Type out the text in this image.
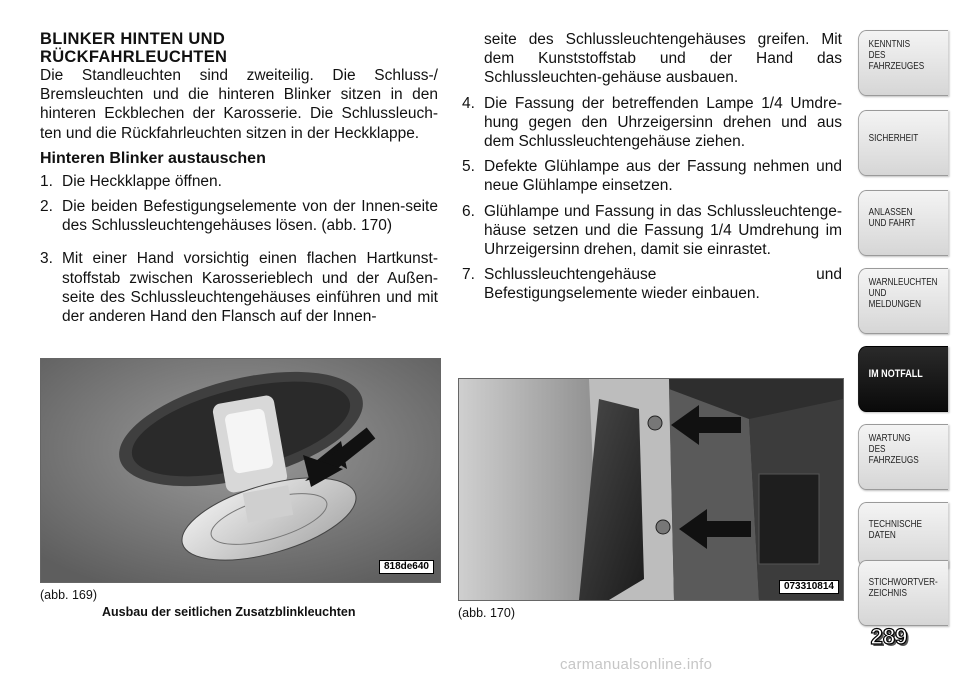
BLINKER HINTEN UND
RÜCKFAHRLEUCHTEN

Die Standleuchten sind zweiteilig. Die Schluss-/ Bremsleuchten und die hinteren Blinker sitzen in den hinteren Eckblechen der Karosserie. Die Schlussleuch-ten und die Rückfahrleuchten sitzen in der Heckklappe.

Hinteren Blinker austauschen

1. Die Heckklappe öffnen.
2. Die beiden Befestigungselemente von der Innen-seite des Schlussleuchtengehäuses lösen. (abb. 170)
3. Mit einer Hand vorsichtig einen flachen Hartkunst-stoffstab zwischen Karosserieblech und der Außen-seite des Schlussleuchtengehäuses einführen und mit der anderen Hand den Flansch auf der Innen-
seite des Schlussleuchtengehäuses greifen. Mit dem Kunststoffstab und der Hand das Schlussleuchten-gehäuse ausbauen.
4. Die Fassung der betreffenden Lampe 1/4 Umdre-hung gegen den Uhrzeigersinn drehen und aus dem Schlussleuchtengehäuse ziehen.
5. Defekte Glühlampe aus der Fassung nehmen und neue Glühlampe einsetzen.
6. Glühlampe und Fassung in das Schlussleuchtenge-häuse setzen und die Fassung 1/4 Umdrehung im Uhrzeigersinn drehen, damit sie einrastet.
7. Schlussleuchtengehäuse und Befestigungselemente wieder einbauen.
818de640
(abb. 169)
Ausbau der seitlichen Zusatzblinkleuchten
073310814
(abb. 170)
KENNTNIS
DES
FAHRZEUGES
SICHERHEIT
ANLASSEN
UND FAHRT
WARNLEUCHTEN
UND
MELDUNGEN
IM NOTFALL
WARTUNG
DES
FAHRZEUGS
TECHNISCHE
DATEN
STICHWORTVER-
ZEICHNIS
289
carmanualsonline.info
